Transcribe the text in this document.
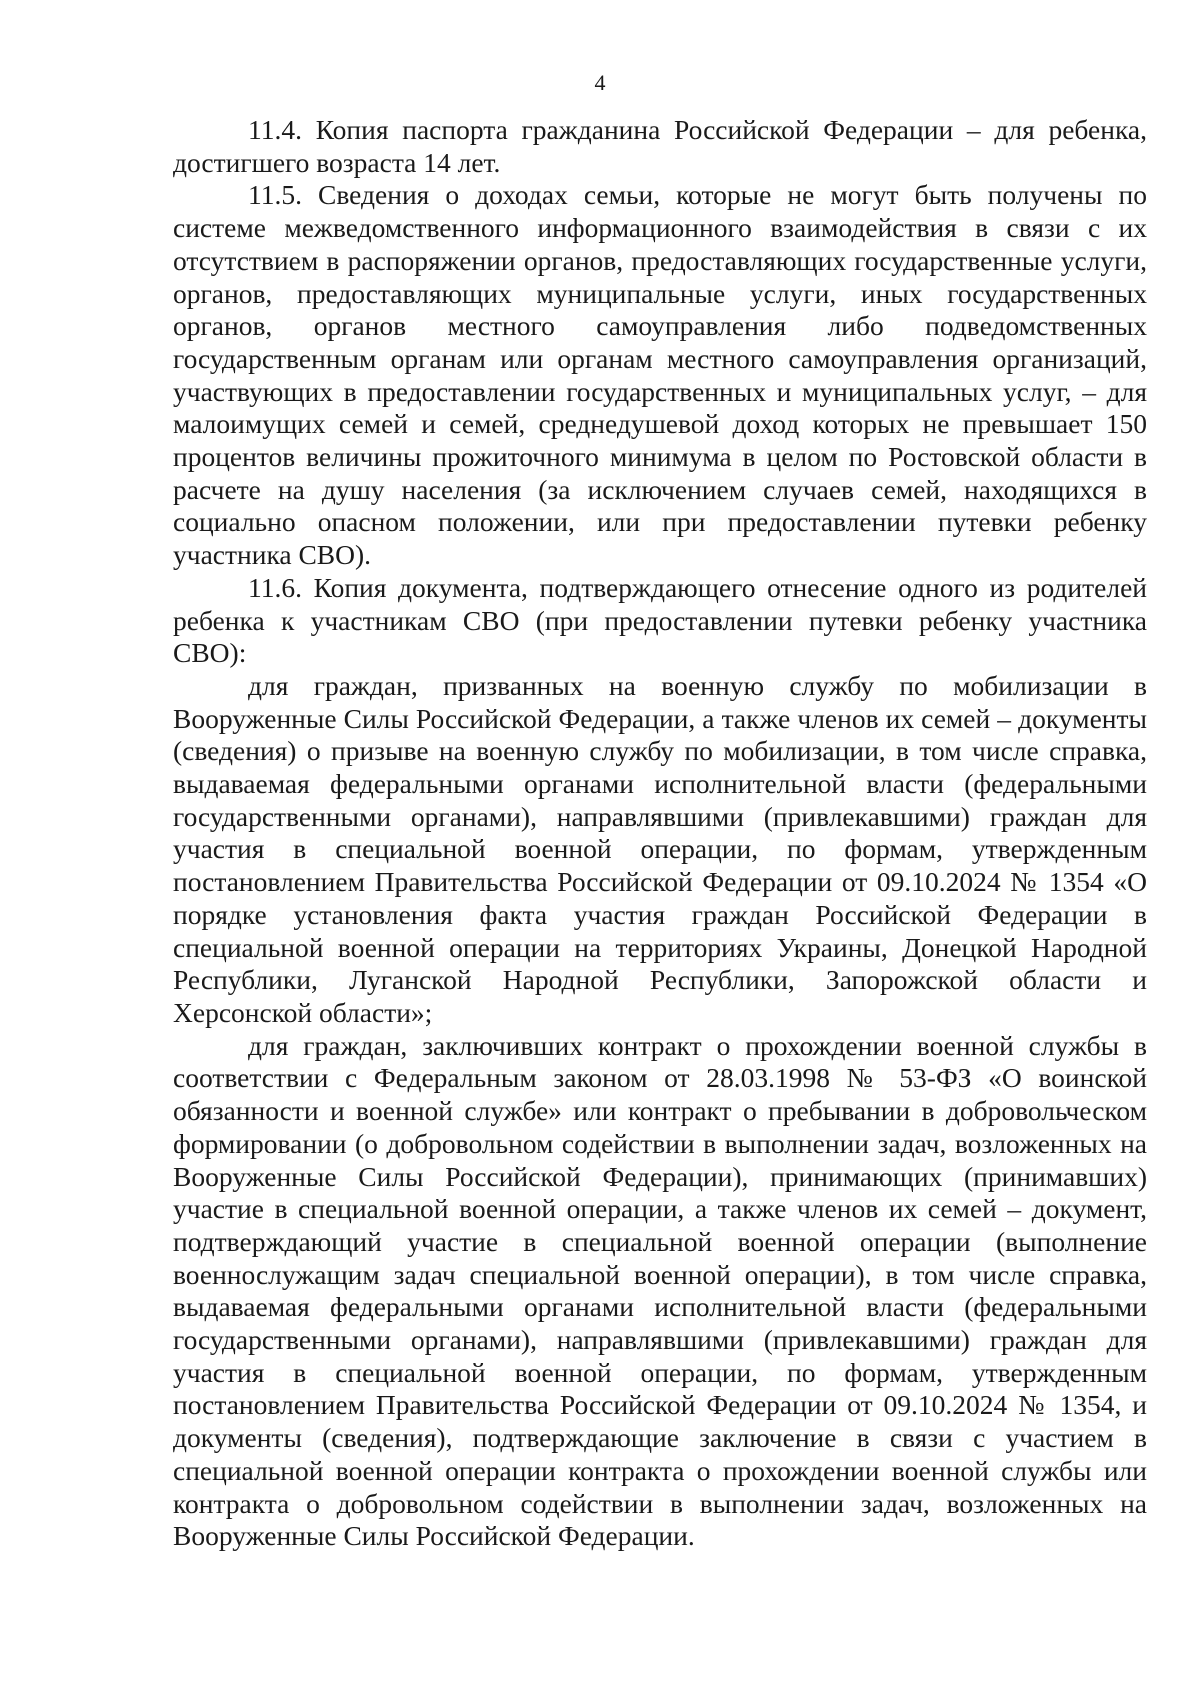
4

11.4. Копия паспорта гражданина Российской Федерации – для ребенка, достигшего возраста 14 лет.

11.5. Сведения о доходах семьи, которые не могут быть получены по системе межведомственного информационного взаимодействия в связи с их отсутствием в распоряжении органов, предоставляющих государственные услуги, органов, предоставляющих муниципальные услуги, иных государственных органов, органов местного самоуправления либо подведомственных государственным органам или органам местного самоуправления организаций, участвующих в предоставлении государственных и муниципальных услуг, – для малоимущих семей и семей, среднедушевой доход которых не превышает 150 процентов величины прожиточного минимума в целом по Ростовской области в расчете на душу населения (за исключением случаев семей, находящихся в социально опасном положении, или при предоставлении путевки ребенку участника СВО).

11.6. Копия документа, подтверждающего отнесение одного из родителей ребенка к участникам СВО (при предоставлении путевки ребенку участника СВО):

для граждан, призванных на военную службу по мобилизации в Вооруженные Силы Российской Федерации, а также членов их семей – документы (сведения) о призыве на военную службу по мобилизации, в том числе справка, выдаваемая федеральными органами исполнительной власти (федеральными государственными органами), направлявшими (привлекавшими) граждан для участия в специальной военной операции, по формам, утвержденным постановлением Правительства Российской Федерации от 09.10.2024 № 1354 «О порядке установления факта участия граждан Российской Федерации в специальной военной операции на территориях Украины, Донецкой Народной Республики, Луганской Народной Республики, Запорожской области и Херсонской области»;

для граждан, заключивших контракт о прохождении военной службы в соответствии с Федеральным законом от 28.03.1998 № 53-ФЗ «О воинской обязанности и военной службе» или контракт о пребывании в добровольческом формировании (о добровольном содействии в выполнении задач, возложенных на Вооруженные Силы Российской Федерации), принимающих (принимавших) участие в специальной военной операции, а также членов их семей – документ, подтверждающий участие в специальной военной операции (выполнение военнослужащим задач специальной военной операции), в том числе справка, выдаваемая федеральными органами исполнительной власти (федеральными государственными органами), направлявшими (привлекавшими) граждан для участия в специальной военной операции, по формам, утвержденным постановлением Правительства Российской Федерации от 09.10.2024 № 1354, и документы (сведения), подтверждающие заключение в связи с участием в специальной военной операции контракта о прохождении военной службы или контракта о добровольном содействии в выполнении задач, возложенных на Вооруженные Силы Российской Федерации.
